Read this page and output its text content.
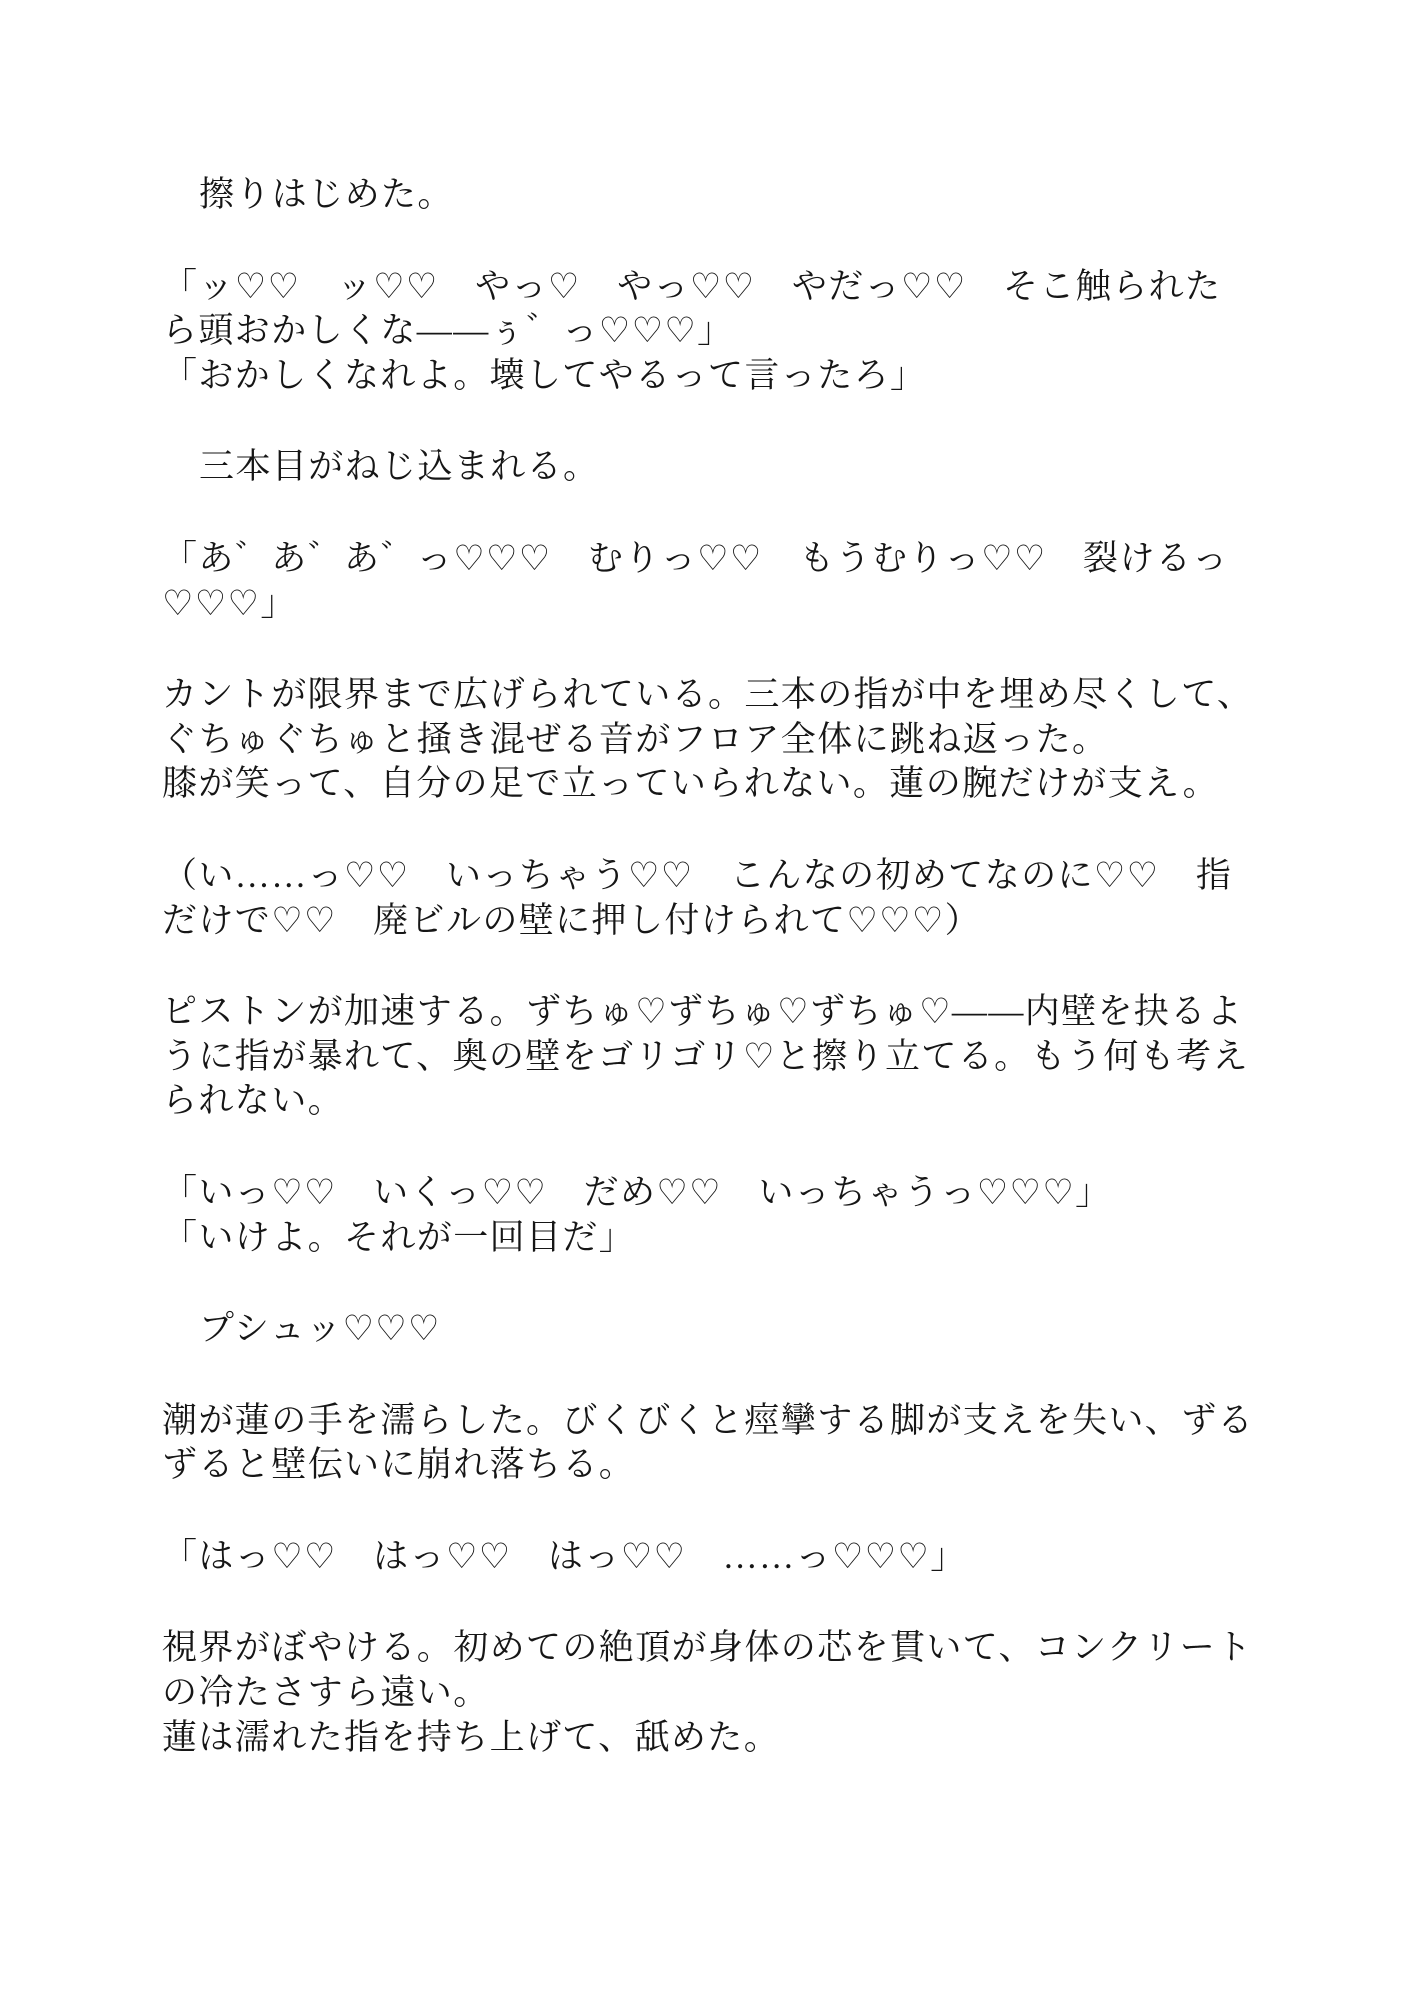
擦りはじめた。

「ッ♡♡　ッ♡♡　やっ♡　やっ♡♡　やだっ♡♡　そこ触られた
ら頭おかしくな——ぅ゛っ♡♡♡」
「おかしくなれよ。壊してやるって言ったろ」

三本目がねじ込まれる。

「あ゛あ゛あ゛っ♡♡♡　むりっ♡♡　もうむりっ♡♡　裂けるっ
♡♡♡」

カントが限界まで広げられている。三本の指が中を埋め尽くして、
ぐちゅぐちゅと掻き混ぜる音がフロア全体に跳ね返った。
膝が笑って、自分の足で立っていられない。蓮の腕だけが支え。

（い……っ♡♡　いっちゃう♡♡　こんなの初めてなのに♡♡　指
だけで♡♡　廃ビルの壁に押し付けられて♡♡♡）

ピストンが加速する。ずちゅ♡ずちゅ♡ずちゅ♡——内壁を抉るよ
うに指が暴れて、奥の壁をゴリゴリ♡と擦り立てる。もう何も考え
られない。

「いっ♡♡　いくっ♡♡　だめ♡♡　いっちゃうっ♡♡♡」
「いけよ。それが一回目だ」

プシュッ♡♡♡

潮が蓮の手を濡らした。びくびくと痙攣する脚が支えを失い、ずる
ずると壁伝いに崩れ落ちる。

「はっ♡♡　はっ♡♡　はっ♡♡　……っ♡♡♡」

視界がぼやける。初めての絶頂が身体の芯を貫いて、コンクリート
の冷たさすら遠い。
蓮は濡れた指を持ち上げて、舐めた。
